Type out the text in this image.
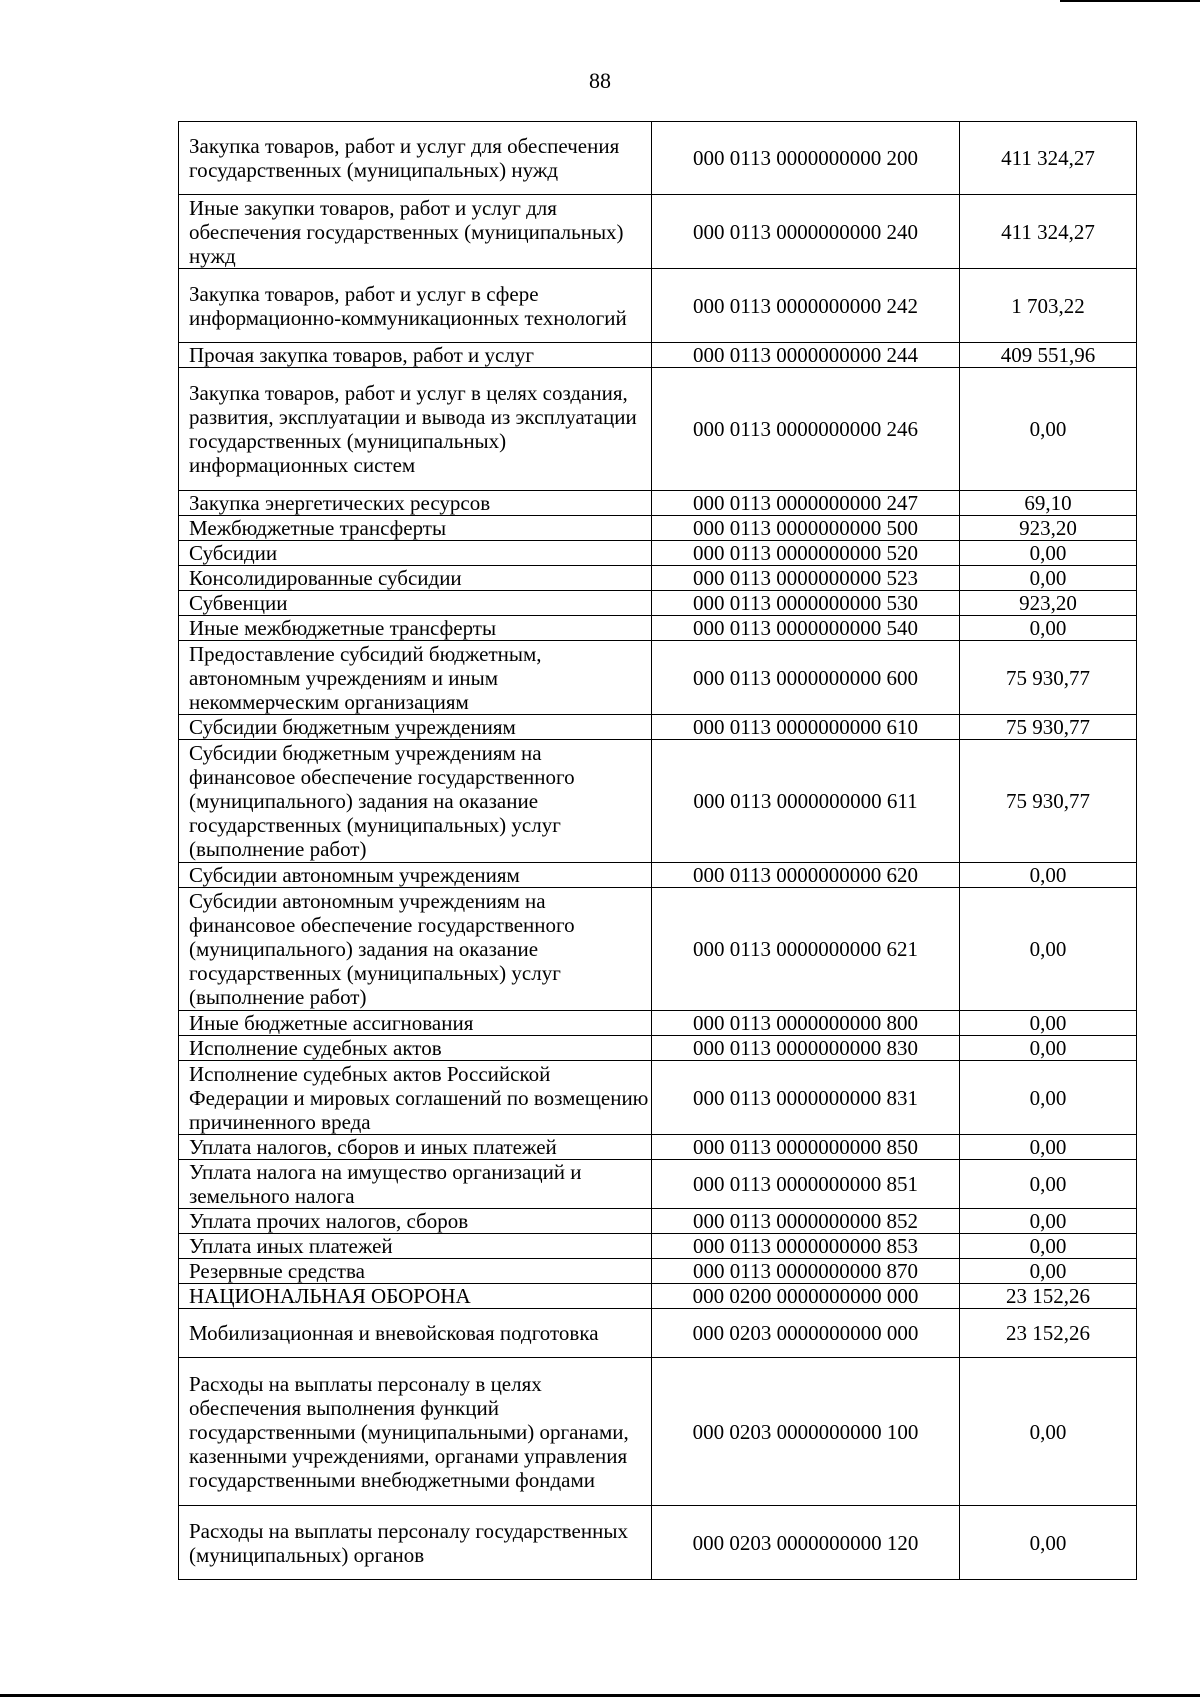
88
Закупка товаров, работ и услуг для обеспечения государственных (муниципальных) нужд	000 0113 0000000000 200	411 324,27
Иные закупки товаров, работ и услуг для обеспечения государственных (муниципальных) нужд	000 0113 0000000000 240	411 324,27
Закупка товаров, работ и услуг в сфере информационно-коммуникационных технологий	000 0113 0000000000 242	1 703,22
Прочая закупка товаров, работ и услуг	000 0113 0000000000 244	409 551,96
Закупка товаров, работ и услуг в целях создания, развития, эксплуатации и вывода из эксплуатации государственных (муниципальных) информационных систем	000 0113 0000000000 246	0,00
Закупка энергетических ресурсов	000 0113 0000000000 247	69,10
Межбюджетные трансферты	000 0113 0000000000 500	923,20
Субсидии	000 0113 0000000000 520	0,00
Консолидированные субсидии	000 0113 0000000000 523	0,00
Субвенции	000 0113 0000000000 530	923,20
Иные межбюджетные трансферты	000 0113 0000000000 540	0,00
Предоставление субсидий бюджетным, автономным учреждениям и иным некоммерческим организациям	000 0113 0000000000 600	75 930,77
Субсидии бюджетным учреждениям	000 0113 0000000000 610	75 930,77
Субсидии бюджетным учреждениям на финансовое обеспечение государственного (муниципального) задания на оказание государственных (муниципальных) услуг (выполнение работ)	000 0113 0000000000 611	75 930,77
Субсидии автономным учреждениям	000 0113 0000000000 620	0,00
Субсидии автономным учреждениям на финансовое обеспечение государственного (муниципального) задания на оказание государственных (муниципальных) услуг (выполнение работ)	000 0113 0000000000 621	0,00
Иные бюджетные ассигнования	000 0113 0000000000 800	0,00
Исполнение судебных актов	000 0113 0000000000 830	0,00
Исполнение судебных актов Российской Федерации и мировых соглашений по возмещению причиненного вреда	000 0113 0000000000 831	0,00
Уплата налогов, сборов и иных платежей	000 0113 0000000000 850	0,00
Уплата налога на имущество организаций и земельного налога	000 0113 0000000000 851	0,00
Уплата прочих налогов, сборов	000 0113 0000000000 852	0,00
Уплата иных платежей	000 0113 0000000000 853	0,00
Резервные средства	000 0113 0000000000 870	0,00
НАЦИОНАЛЬНАЯ ОБОРОНА	000 0200 0000000000 000	23 152,26
Мобилизационная и вневойсковая подготовка	000 0203 0000000000 000	23 152,26
Расходы на выплаты персоналу в целях обеспечения выполнения функций государственными (муниципальными) органами, казенными учреждениями, органами управления государственными внебюджетными фондами	000 0203 0000000000 100	0,00
Расходы на выплаты персоналу государственных (муниципальных) органов	000 0203 0000000000 120	0,00
